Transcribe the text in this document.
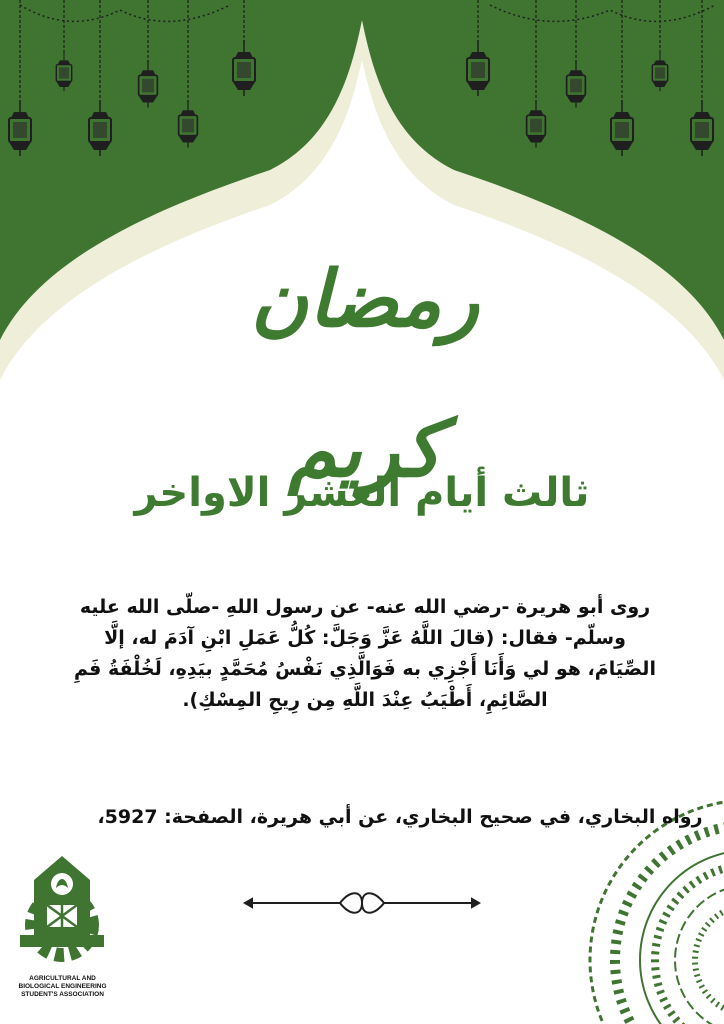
رمضان كريم
ثالث أيام العشر الاواخر
روى أبو هريرة -رضي الله عنه- عن رسول اللهِ -صلّى الله عليه وسلّم- فقال: (قالَ اللَّهُ عَزَّ وَجَلَّ: كُلُّ عَمَلِ ابْنِ آدَمَ له، إلَّا الصِّيَامَ، هو لي وَأَنَا أَجْزِي به فَوَالَّذِي نَفْسُ مُحَمَّدٍ بيَدِهِ، لَخُلْفَةُ فَمِ الصَّائِمِ، أَطْيَبُ عِنْدَ اللَّهِ مِن رِيحِ المِسْكِ).
رواه البخاري، في صحيح البخاري، عن أبي هريرة، الصفحة: 5927،
AGRICULTURAL AND
BIOLOGICAL ENGINEERING
STUDENT'S ASSOCIATION
